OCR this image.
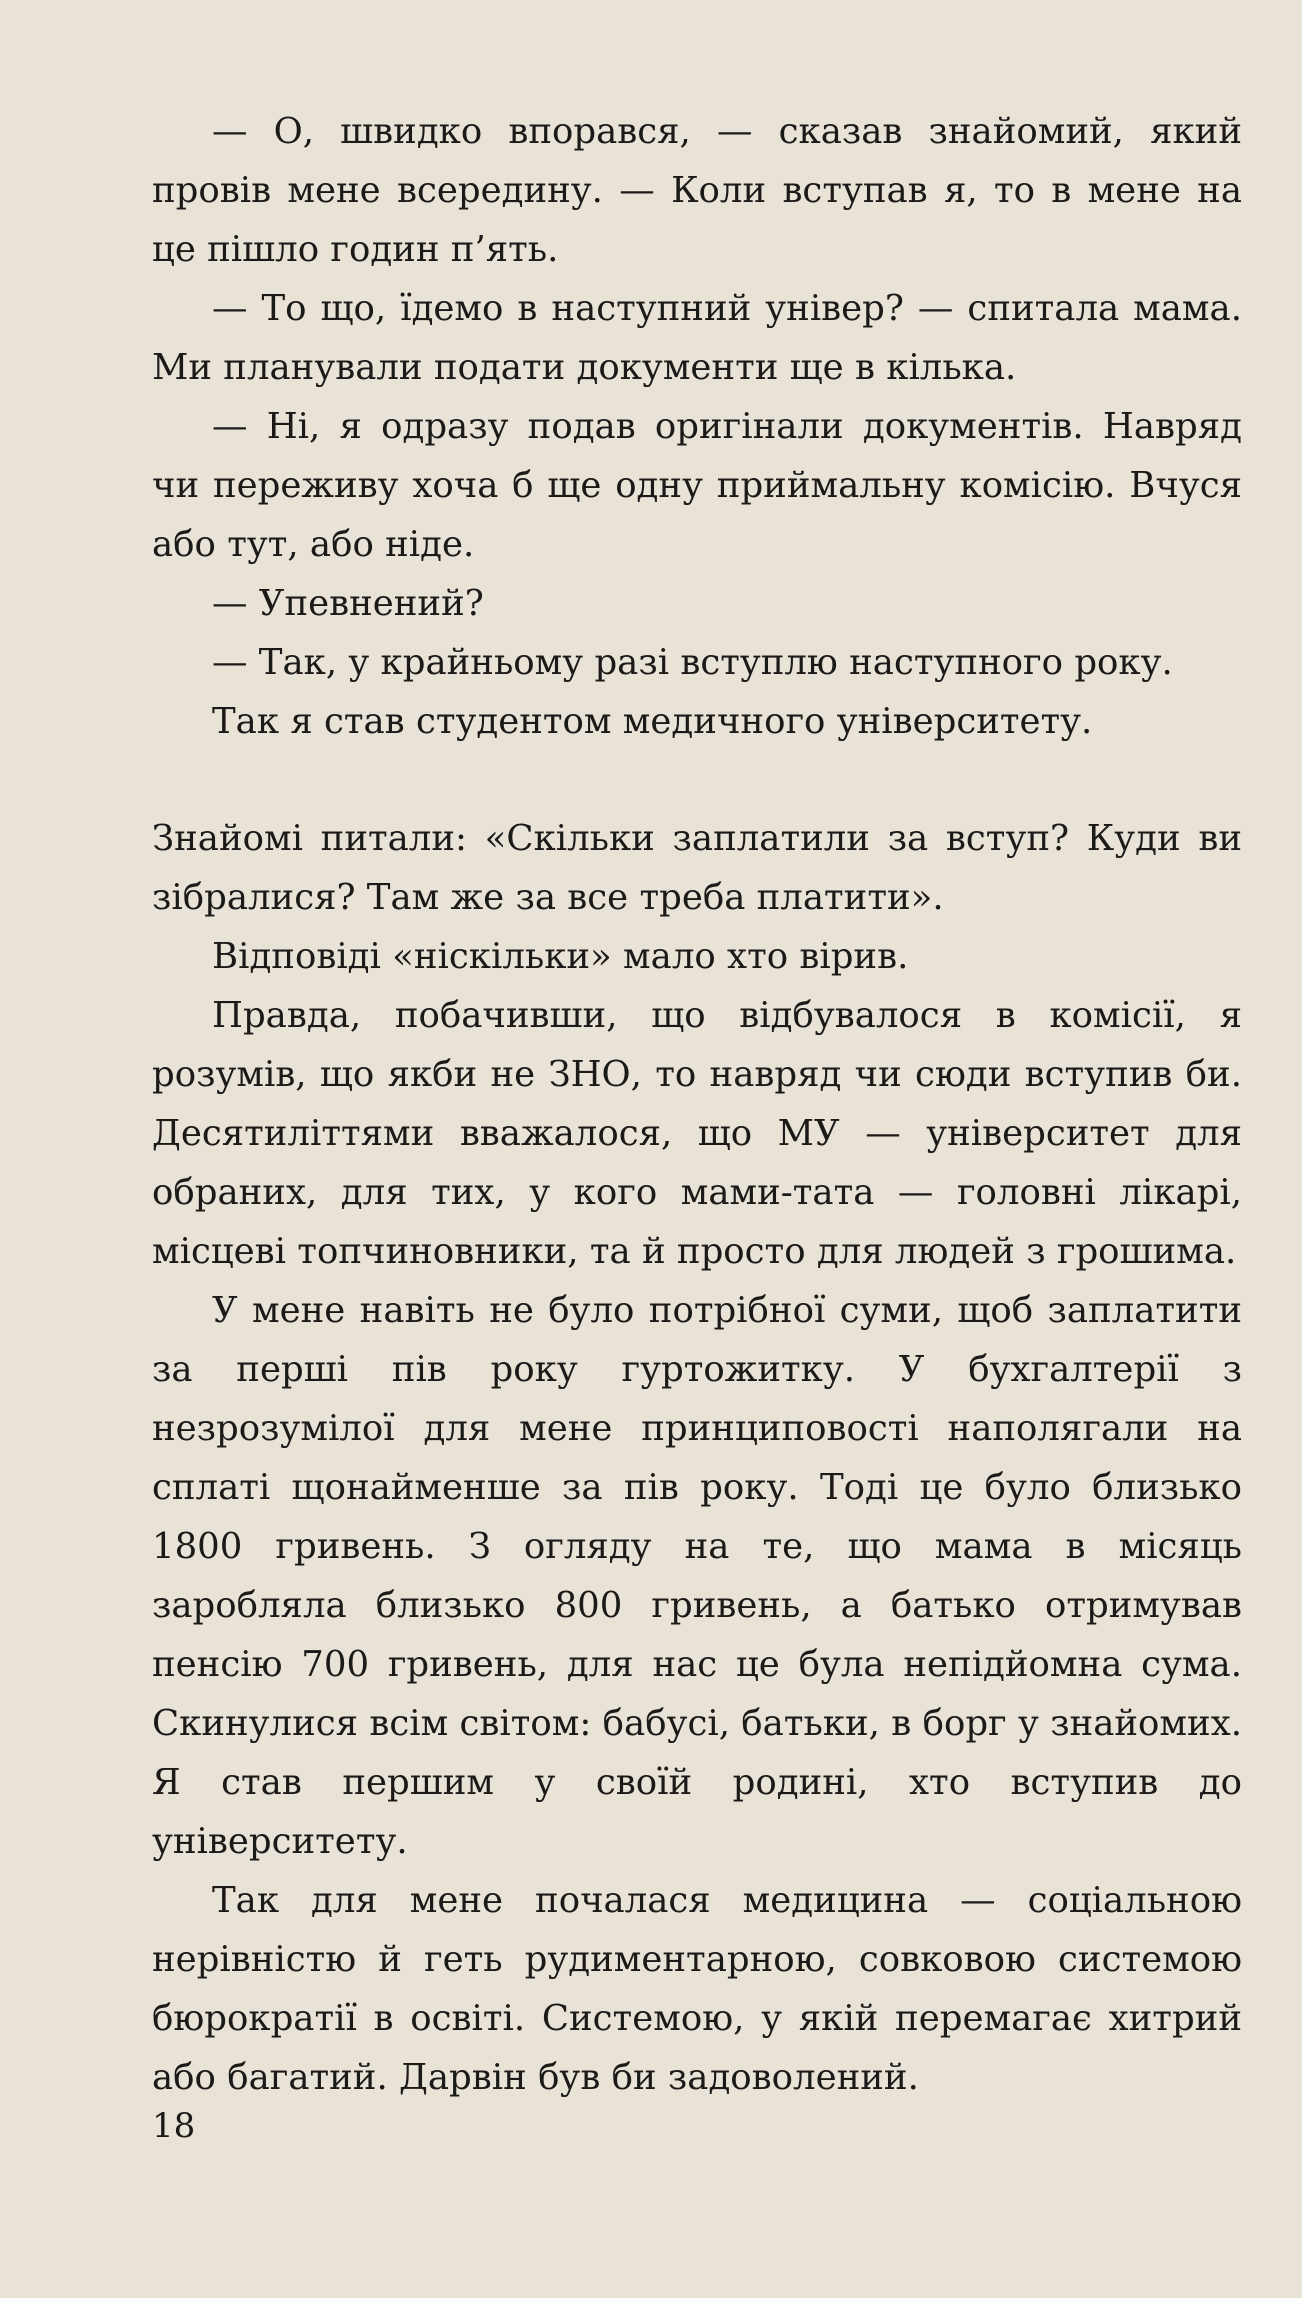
— О, швидко впорався, — сказав знайомий, який провів мене всередину. — Коли вступав я, то в мене на це пішло годин п’ять.

— То що, їдемо в наступний унівep? — спитала мама. Ми планували подати документи ще в кілька.

— Ні, я одразу подав оригінали документів. Навряд чи переживу хоча б ще одну приймальну комісію. Вчуся або тут, або ніде.

— Упевнений?

— Так, у крайньому разі вступлю наступного року.

Так я став студентом медичного університету.

Знайомі питали: «Скільки заплатили за вступ? Куди ви зібралися? Там же за все треба платити».

Відповіді «нiскільки» мало хто вірив.

Правда, побачивши, що відбувалося в комісії, я розумів, що якби не ЗНО, то навряд чи сюди вступив би. Десятиліттями вважалося, що МУ — університет для обраних, для тих, у кого мами-тата — головні лікарі, місцеві топчиновники, та й просто для людей з грошима.

У мене навіть не було потрібної суми, щоб заплатити за перші пів року гуртожитку. У бухгалтерії з незрозумілої для мене принциповості наполягали на сплаті щонайменше за пів року. Тоді це було близько 1800 гривень. З огляду на те, що мама в місяць заробляла близько 800 гривень, а батько отримував пенсію 700 гривень, для нас це була непідйомна сума. Скинулися всім світом: бабусі, батьки, в борг у знайомих. Я став першим у своїй родині, хто вступив до університету.

Так для мене почалася медицина — соціальною нерівністю й геть рудиментарною, совковою системою бюрократії в освіті. Системою, у якій перемагає хитрий або багатий. Дарвін був би задоволений.

18
